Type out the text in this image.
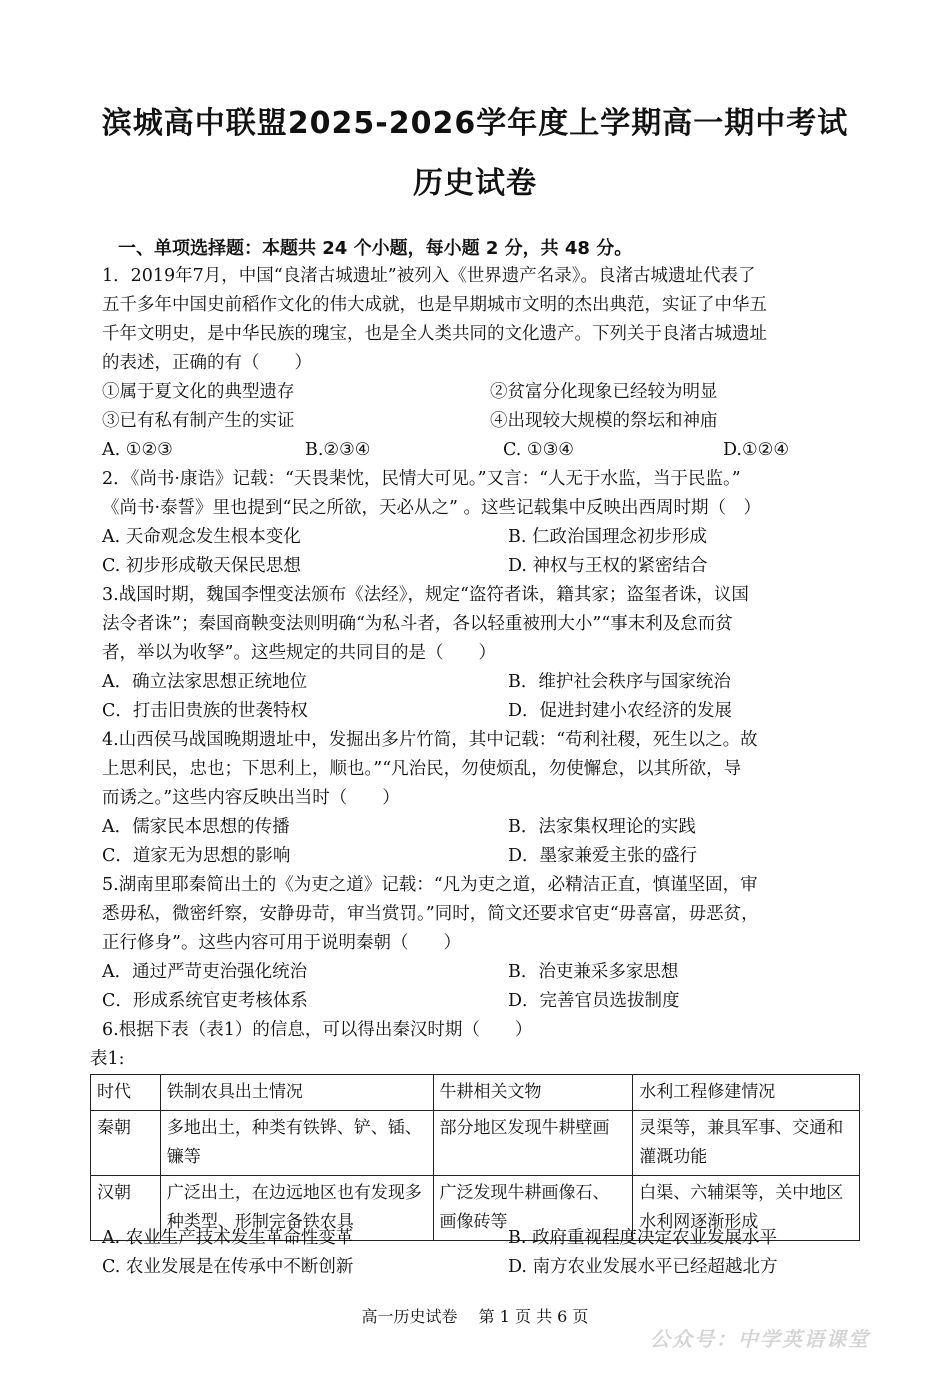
滨城高中联盟2025-2026学年度上学期高一期中考试
历史试卷
一、单项选择题：本题共 24 个小题，每小题 2 分，共 48 分。
1．2019年7月，中国“良渚古城遗址”被列入《世界遗产名录》。良渚古城遗址代表了
五千多年中国史前稻作文化的伟大成就，也是早期城市文明的杰出典范，实证了中华五
千年文明史，是中华民族的瑰宝，也是全人类共同的文化遗产。下列关于良渚古城遗址
的表述，正确的有（　　）
①属于夏文化的典型遗存	②贫富分化现象已经较为明显
③已有私有制产生的实证	④出现较大规模的祭坛和神庙
A. ①②③	B.②③④	C. ①③④	D.①②④
2．《尚书·康诰》记载：“天畏棐忱，民情大可见。”又言：“人无于水监，当于民监。”
《尚书·泰誓》里也提到“民之所欲，天必从之” 。这些记载集中反映出西周时期（　）
A. 天命观念发生根本变化	B. 仁政治国理念初步形成
C. 初步形成敬天保民思想	D. 神权与王权的紧密结合
3.战国时期，魏国李悝变法颁布《法经》，规定“盗符者诛，籍其家；盗玺者诛，议国
法令者诛”；秦国商鞅变法则明确“为私斗者，各以轻重被刑大小”“事末利及怠而贫
者，举以为收孥”。这些规定的共同目的是（　　）
A．确立法家思想正统地位	B．维护社会秩序与国家统治
C．打击旧贵族的世袭特权	D．促进封建小农经济的发展
4.山西侯马战国晚期遗址中，发掘出多片竹简，其中记载：“苟利社稷，死生以之。故
上思利民，忠也；下思利上，顺也。”“凡治民，勿使烦乱，勿使懈怠，以其所欲，导
而诱之。”这些内容反映出当时（　　）
A．儒家民本思想的传播	B．法家集权理论的实践
C．道家无为思想的影响	D．墨家兼爱主张的盛行
5.湖南里耶秦简出土的《为吏之道》记载：“凡为吏之道，必精洁正直，慎谨坚固，审
悉毋私，微密纤察，安静毋苛，审当赏罚。”同时，简文还要求官吏“毋喜富，毋恶贫，
正行修身”。这些内容可用于说明秦朝（　　）
A．通过严苛吏治强化统治	B．治吏兼采多家思想
C．形成系统官吏考核体系	D．完善官员选拔制度
6.根据下表（表1）的信息，可以得出秦汉时期（　　）
表1:
时代	铁制农具出土情况	牛耕相关文物	水利工程修建情况
秦朝	多地出土，种类有铁铧、铲、锸、镰等	部分地区发现牛耕壁画	灵渠等，兼具军事、交通和灌溉功能
汉朝	广泛出土，在边远地区也有发现多种类型、形制完备铁农具	广泛发现牛耕画像石、画像砖等	白渠、六辅渠等，关中地区水利网逐渐形成
A. 农业生产技术发生革命性变革	B. 政府重视程度决定农业发展水平
C. 农业发展是在传承中不断创新	D. 南方农业发展水平已经超越北方
高一历史试卷　 第 1 页 共 6 页
公众号：中学英语课堂
